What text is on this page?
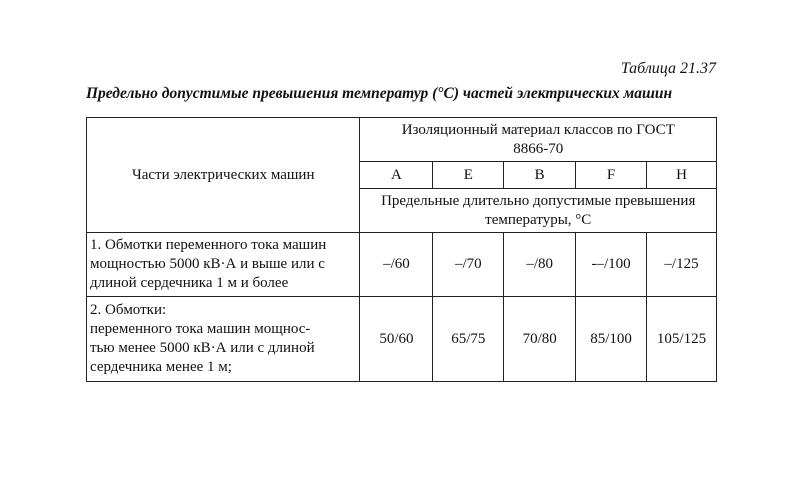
Таблица 21.37
Предельно допустимые превышения температур (°С) частей электрических машин
Части электрических машин	Изоляционный материал классов по ГОСТ
8866-70				

	A	E	B	F	H

	Предельные длительно допустимые превышения
температуры, °С				

1. Обмотки переменного тока машин
мощностью 5000 кВ·А и выше или с
длиной сердечника 1 м и более	–/60	–/70	–/80	-–/100	–/125

2. Обмотки:
переменного тока машин мощнос-
тью менее 5000 кВ·А или с длиной
сердечника менее 1 м;	50/60	65/75	70/80	85/100	105/125
